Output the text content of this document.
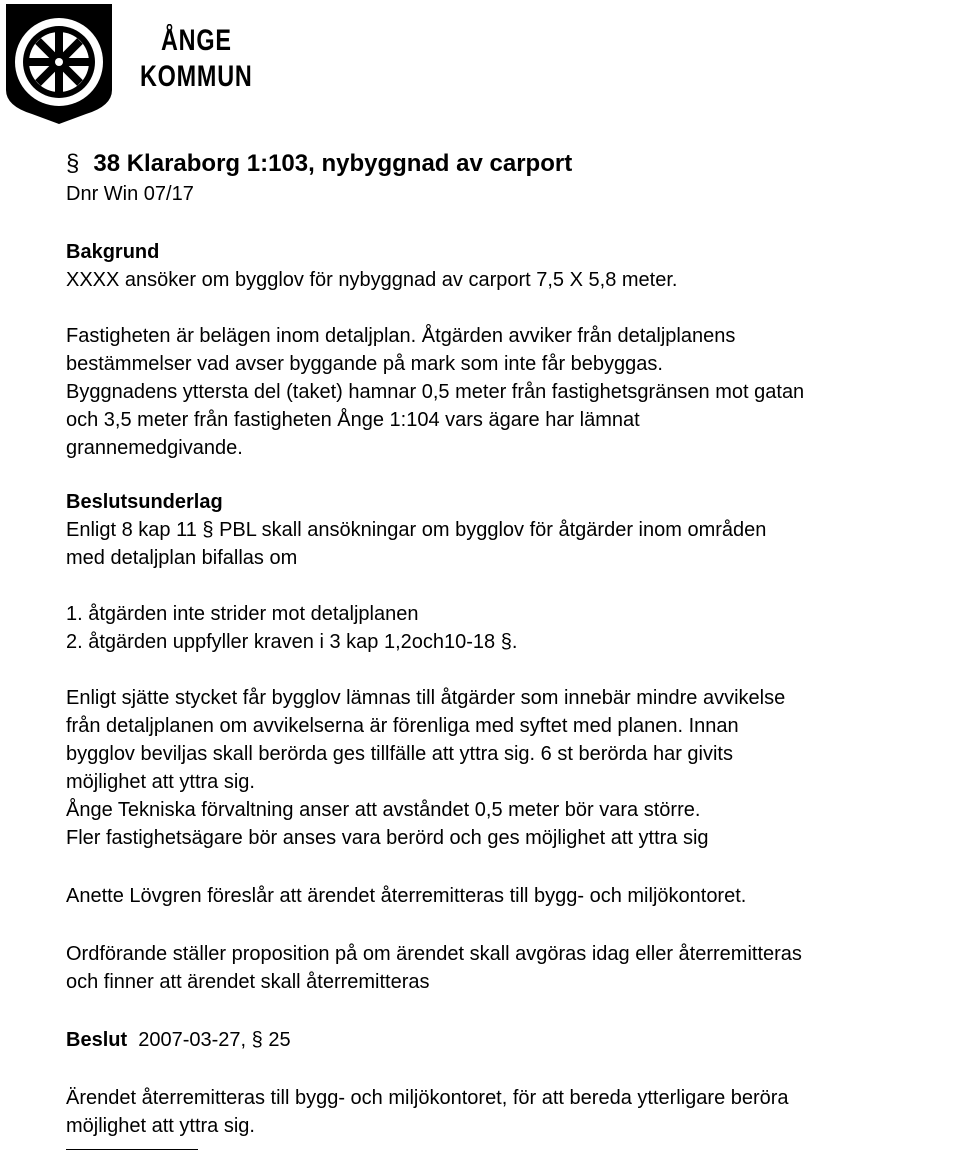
ÅNGE
KOMMUN
§ 38 Klaraborg 1:103, nybyggnad av carport
Dnr Win 07/17
Bakgrund
XXXX ansöker om bygglov för nybyggnad av carport 7,5 X 5,8 meter.
Fastigheten är belägen inom detaljplan. Åtgärden avviker från detaljplanens
bestämmelser vad avser byggande på mark som inte får bebyggas.
Byggnadens yttersta del (taket) hamnar 0,5 meter från fastighetsgränsen mot gatan
och 3,5 meter från fastigheten Ånge 1:104 vars ägare har lämnat
grannemedgivande.
Beslutsunderlag
Enligt 8 kap 11 § PBL skall ansökningar om bygglov för åtgärder inom områden
med detaljplan bifallas om
1. åtgärden inte strider mot detaljplanen
2. åtgärden uppfyller kraven i 3 kap 1,2och10-18 §.
Enligt sjätte stycket får bygglov lämnas till åtgärder som innebär mindre avvikelse
från detaljplanen om avvikelserna är förenliga med syftet med planen. Innan
bygglov beviljas skall berörda ges tillfälle att yttra sig. 6 st berörda har givits
möjlighet att yttra sig.
Ånge Tekniska förvaltning anser att avståndet 0,5 meter bör vara större.
Fler fastighetsägare bör anses vara berörd och ges möjlighet att yttra sig
Anette Lövgren föreslår att ärendet återremitteras till bygg- och miljökontoret.
Ordförande ställer proposition på om ärendet skall avgöras idag eller återremitteras
och finner att ärendet skall återremitteras
Beslut 2007-03-27, § 25
Ärendet återremitteras till bygg- och miljökontoret, för att bereda ytterligare beröra
möjlighet att yttra sig.
